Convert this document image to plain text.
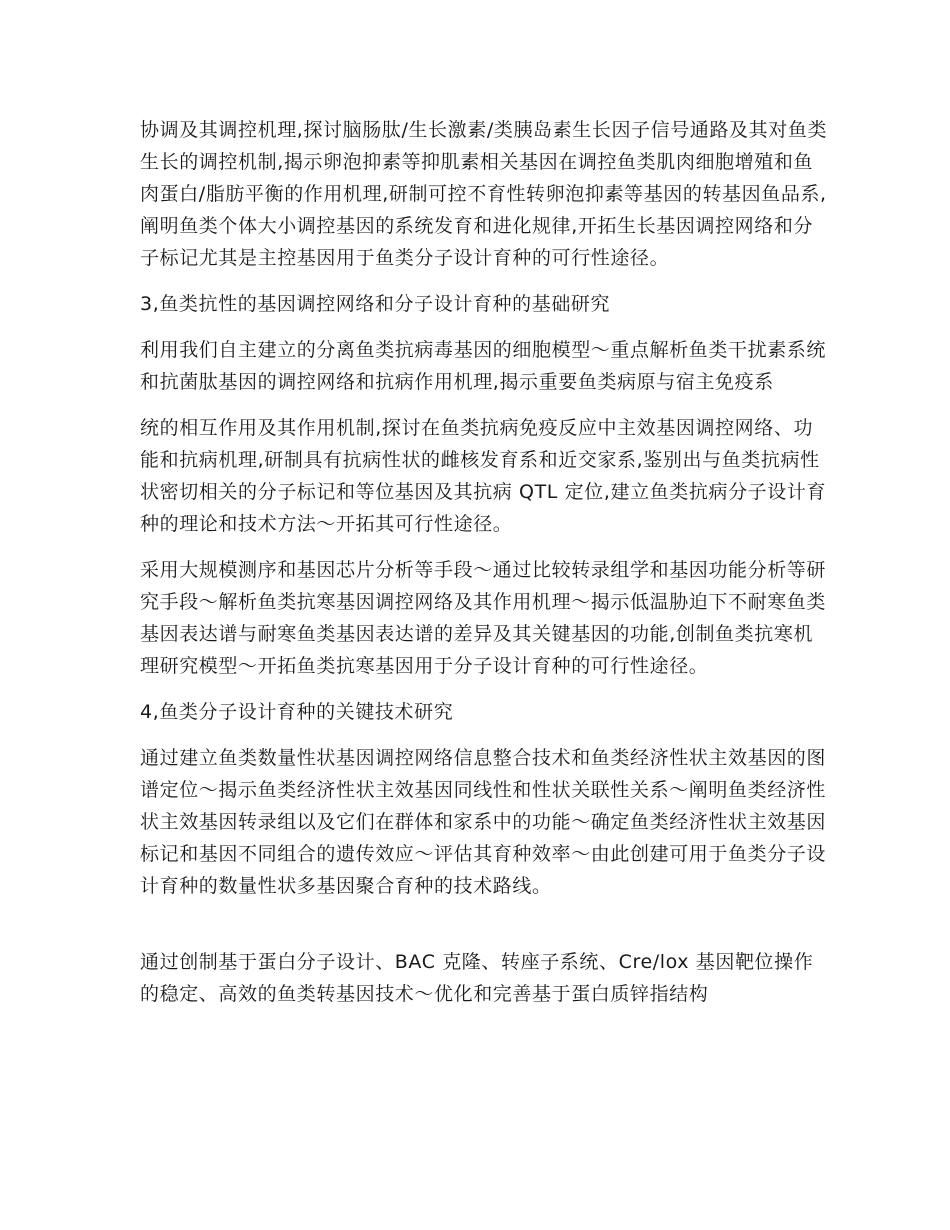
协调及其调控机理,探讨脑肠肽/生长激素/类胰岛素生长因子信号通路及其对鱼类生长的调控机制,揭示卵泡抑素等抑肌素相关基因在调控鱼类肌肉细胞增殖和鱼肉蛋白/脂肪平衡的作用机理,研制可控不育性转卵泡抑素等基因的转基因鱼品系,阐明鱼类个体大小调控基因的系统发育和进化规律,开拓生长基因调控网络和分子标记尤其是主控基因用于鱼类分子设计育种的可行性途径。

3,鱼类抗性的基因调控网络和分子设计育种的基础研究

利用我们自主建立的分离鱼类抗病毒基因的细胞模型～重点解析鱼类干扰素系统和抗菌肽基因的调控网络和抗病作用机理,揭示重要鱼类病原与宿主免疫系

统的相互作用及其作用机制,探讨在鱼类抗病免疫反应中主效基因调控网络、功能和抗病机理,研制具有抗病性状的雌核发育系和近交家系,鉴别出与鱼类抗病性状密切相关的分子标记和等位基因及其抗病 QTL 定位,建立鱼类抗病分子设计育种的理论和技术方法～开拓其可行性途径。

采用大规模测序和基因芯片分析等手段～通过比较转录组学和基因功能分析等研究手段～解析鱼类抗寒基因调控网络及其作用机理～揭示低温胁迫下不耐寒鱼类基因表达谱与耐寒鱼类基因表达谱的差异及其关键基因的功能,创制鱼类抗寒机理研究模型～开拓鱼类抗寒基因用于分子设计育种的可行性途径。

4,鱼类分子设计育种的关键技术研究

通过建立鱼类数量性状基因调控网络信息整合技术和鱼类经济性状主效基因的图谱定位～揭示鱼类经济性状主效基因同线性和性状关联性关系～阐明鱼类经济性状主效基因转录组以及它们在群体和家系中的功能～确定鱼类经济性状主效基因标记和基因不同组合的遗传效应～评估其育种效率～由此创建可用于鱼类分子设计育种的数量性状多基因聚合育种的技术路线。

通过创制基于蛋白分子设计、BAC 克隆、转座子系统、Cre/lox 基因靶位操作的稳定、高效的鱼类转基因技术～优化和完善基于蛋白质锌指结构
